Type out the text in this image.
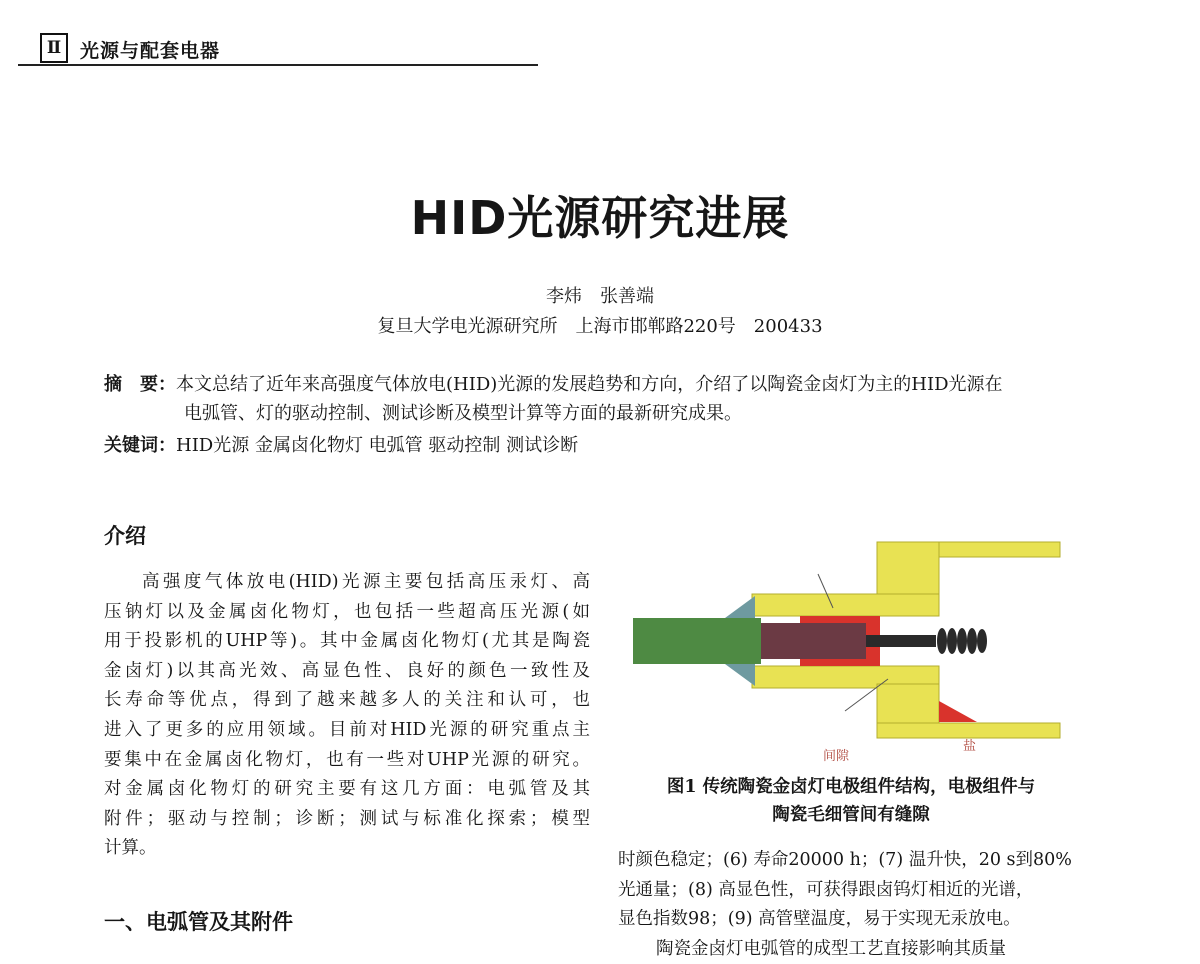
Ⅱ 光源与配套电器
HID光源研究进展
李炜　张善端
复旦大学电光源研究所　上海市邯郸路220号　200433
摘　要：本文总结了近年来高强度气体放电(HID)光源的发展趋势和方向，介绍了以陶瓷金卤灯为主的HID光源在
电弧管、灯的驱动控制、测试诊断及模型计算等方面的最新研究成果。
关键词：HID光源 金属卤化物灯 电弧管 驱动控制 测试诊断
介绍
高强度气体放电(HID)光源主要包括高压汞灯、高
压钠灯以及金属卤化物灯，也包括一些超高压光源(如
用于投影机的UHP等)。其中金属卤化物灯(尤其是陶瓷
金卤灯)以其高光效、高显色性、良好的颜色一致性及
长寿命等优点，得到了越来越多人的关注和认可，也
进入了更多的应用领域。目前对HID光源的研究重点主
要集中在金属卤化物灯，也有一些对UHP光源的研究。
对金属卤化物灯的研究主要有这几方面：电弧管及其
附件；驱动与控制；诊断；测试与标准化探索；模型
计算。
一、电弧管及其附件
间隙
盐
图1 传统陶瓷金卤灯电极组件结构，电极组件与
陶瓷毛细管间有缝隙
时颜色稳定；(6) 寿命20000 h；(7) 温升快，20 s到80%
光通量；(8) 高显色性，可获得跟卤钨灯相近的光谱，
显色指数98；(9) 高管壁温度，易于实现无汞放电。
陶瓷金卤灯电弧管的成型工艺直接影响其质量
